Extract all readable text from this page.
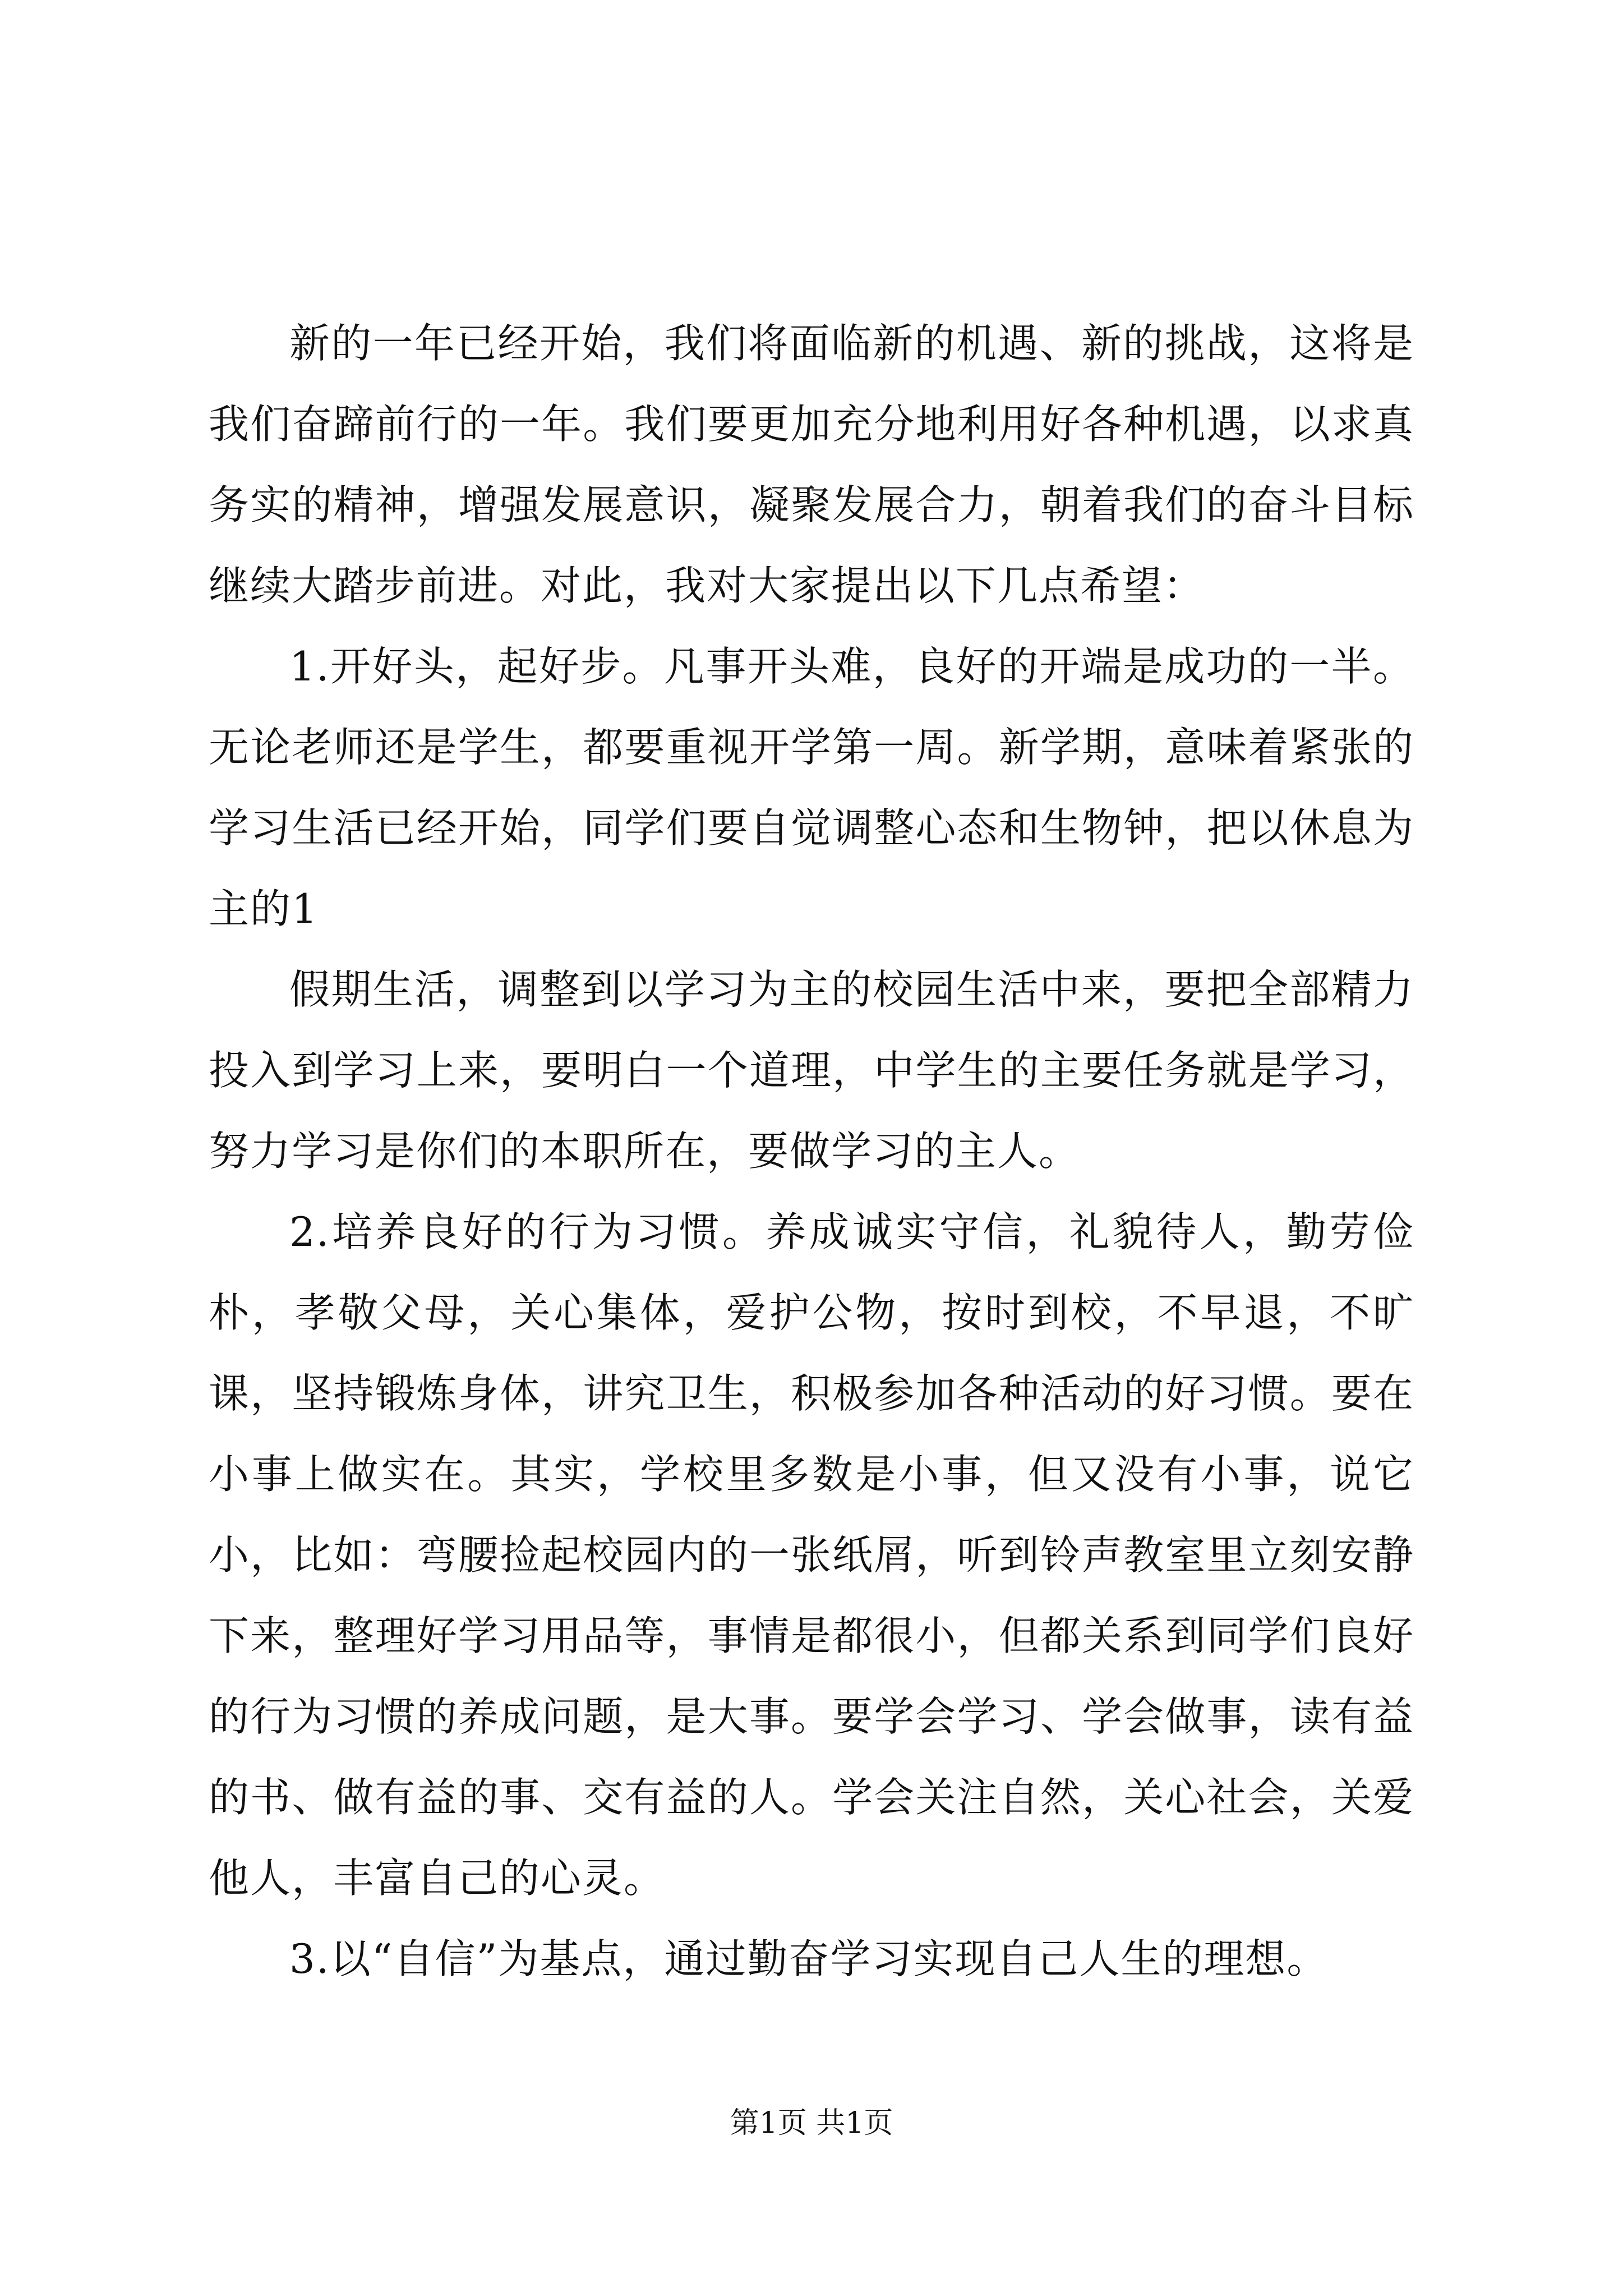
新的一年已经开始，我们将面临新的机遇、新的挑战，这将是我们奋蹄前行的一年。我们要更加充分地利用好各种机遇，以求真务实的精神，增强发展意识，凝聚发展合力，朝着我们的奋斗目标继续大踏步前进。对此，我对大家提出以下几点希望：

1.开好头，起好步。凡事开头难，良好的开端是成功的一半。无论老师还是学生，都要重视开学第一周。新学期，意味着紧张的学习生活已经开始，同学们要自觉调整心态和生物钟，把以休息为主的1

假期生活，调整到以学习为主的校园生活中来，要把全部精力投入到学习上来，要明白一个道理，中学生的主要任务就是学习，努力学习是你们的本职所在，要做学习的主人。

2.培养良好的行为习惯。养成诚实守信，礼貌待人，勤劳俭朴，孝敬父母，关心集体，爱护公物，按时到校，不早退，不旷课，坚持锻炼身体，讲究卫生，积极参加各种活动的好习惯。要在小事上做实在。其实，学校里多数是小事，但又没有小事，说它小，比如：弯腰捡起校园内的一张纸屑，听到铃声教室里立刻安静下来，整理好学习用品等，事情是都很小，但都关系到同学们良好的行为习惯的养成问题，是大事。要学会学习、学会做事，读有益的书、做有益的事、交有益的人。学会关注自然，关心社会，关爱他人，丰富自己的心灵。

3.以“自信”为基点，通过勤奋学习实现自己人生的理想。

第1页 共1页
